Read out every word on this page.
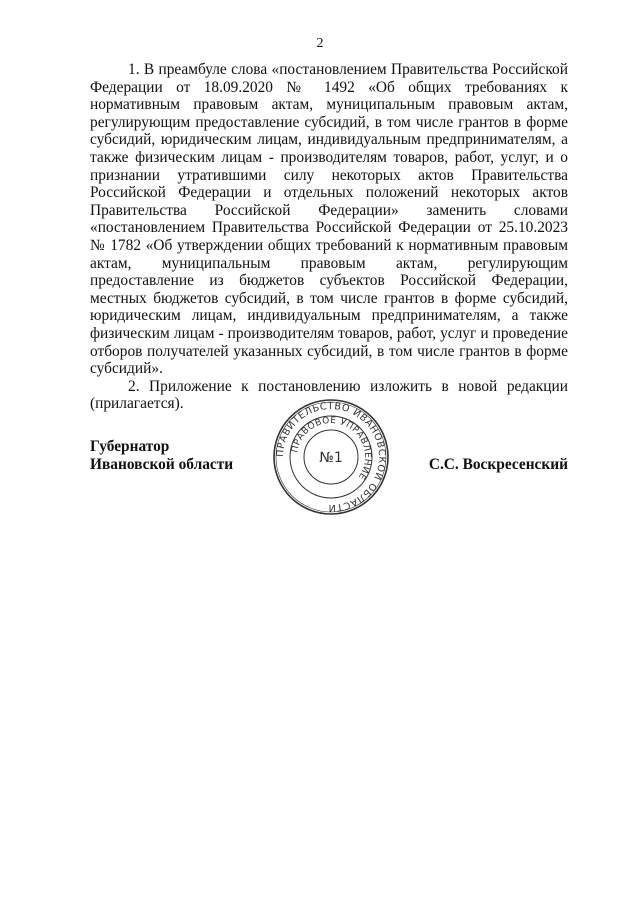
2

1. В преамбуле слова «постановлением Правительства Российской Федерации от 18.09.2020 № 1492 «Об общих требованиях к нормативным правовым актам, муниципальным правовым актам, регулирующим предоставление субсидий, в том числе грантов в форме субсидий, юридическим лицам, индивидуальным предпринимателям, а также физическим лицам - производителям товаров, работ, услуг, и о признании утратившими силу некоторых актов Правительства Российской Федерации и отдельных положений некоторых актов Правительства Российской Федерации» заменить словами «постановлением Правительства Российской Федерации от 25.10.2023 № 1782 «Об утверждении общих требований к нормативным правовым актам, муниципальным правовым актам, регулирующим предоставление из бюджетов субъектов Российской Федерации, местных бюджетов субсидий, в том числе грантов в форме субсидий, юридическим лицам, индивидуальным предпринимателям, а также физическим лицам - производителям товаров, работ, услуг и проведение отборов получателей указанных субсидий, в том числе грантов в форме субсидий».

2. Приложение к постановлению изложить в новой редакции (прилагается).

ПРАВИТЕЛЬСТВО ИВАНОВСКОЙ ОБЛАСТИ
ПРАВОВОЕ УПРАВЛЕНИЕ
№1
Губернатор
Ивановской области	С.С. Воскресенский
